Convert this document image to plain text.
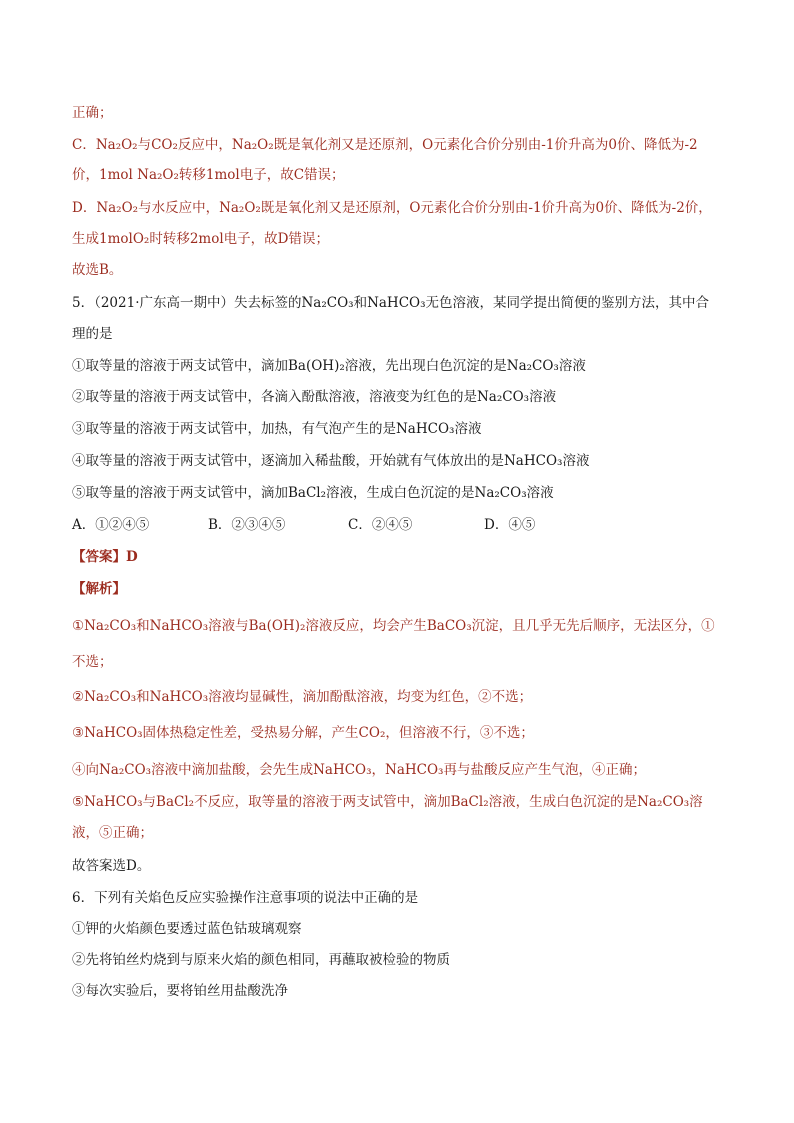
正确；
C．Na₂O₂与CO₂反应中，Na₂O₂既是氧化剂又是还原剂，O元素化合价分别由-1价升高为0价、降低为-2
价，1mol Na₂O₂转移1mol电子，故C错误；
D．Na₂O₂与水反应中，Na₂O₂既是氧化剂又是还原剂，O元素化合价分别由-1价升高为0价、降低为-2价，
生成1molO₂时转移2mol电子，故D错误；
故选B。
5．（2021·广东高一期中）失去标签的Na₂CO₃和NaHCO₃无色溶液，某同学提出简便的鉴别方法，其中合
理的是
①取等量的溶液于两支试管中，滴加Ba(OH)₂溶液，先出现白色沉淀的是Na₂CO₃溶液
②取等量的溶液于两支试管中，各滴入酚酞溶液，溶液变为红色的是Na₂CO₃溶液
③取等量的溶液于两支试管中，加热，有气泡产生的是NaHCO₃溶液
④取等量的溶液于两支试管中，逐滴加入稀盐酸，开始就有气体放出的是NaHCO₃溶液
⑤取等量的溶液于两支试管中，滴加BaCl₂溶液，生成白色沉淀的是Na₂CO₃溶液
A．①②④⑤	B．②③④⑤	C．②④⑤	D．④⑤
【答案】D
【解析】
①Na₂CO₃和NaHCO₃溶液与Ba(OH)₂溶液反应，均会产生BaCO₃沉淀，且几乎无先后顺序，无法区分，①
不选；
②Na₂CO₃和NaHCO₃溶液均显碱性，滴加酚酞溶液，均变为红色，②不选；
③NaHCO₃固体热稳定性差，受热易分解，产生CO₂，但溶液不行，③不选；
④向Na₂CO₃溶液中滴加盐酸，会先生成NaHCO₃，NaHCO₃再与盐酸反应产生气泡，④正确；
⑤NaHCO₃与BaCl₂不反应，取等量的溶液于两支试管中，滴加BaCl₂溶液，生成白色沉淀的是Na₂CO₃溶
液，⑤正确；
故答案选D。
6．下列有关焰色反应实验操作注意事项的说法中正确的是
①钾的火焰颜色要透过蓝色钴玻璃观察
②先将铂丝灼烧到与原来火焰的颜色相同，再蘸取被检验的物质
③每次实验后，要将铂丝用盐酸洗净
